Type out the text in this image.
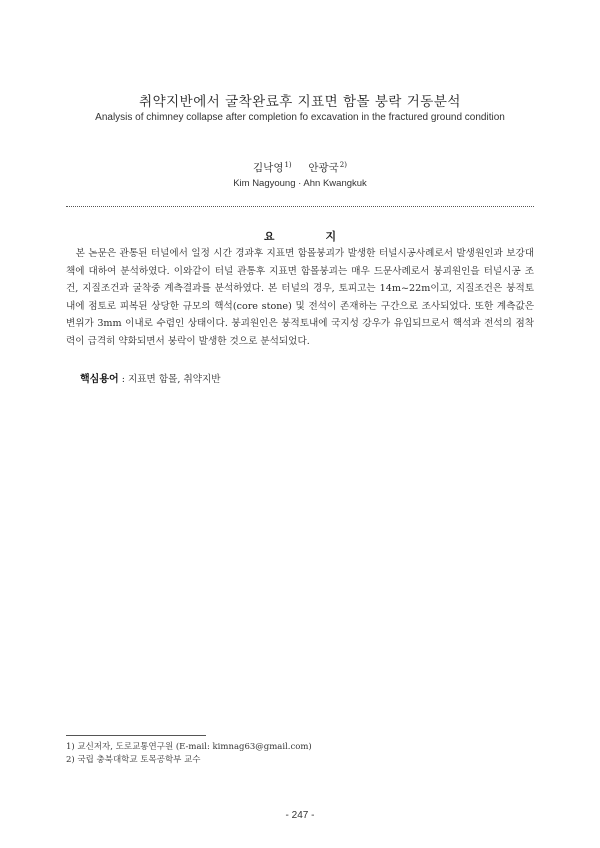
취약지반에서 굴착완료후 지표면 함몰 붕락 거동분석
Analysis of chimney collapse after completion fo excavation in the fractured ground condition
김낙영$^{1)}$ 안광국$^{2)}$
Kim Nagyoung · Ahn Kwangkuk
요 지
본 논문은 관통된 터널에서 일정 시간 경과후 지표면 함몰붕괴가 발생한 터널시공사례로서 발생원인과 보강대책에 대하여 분석하였다. 이와같이 터널 관통후 지표면 함몰붕괴는 매우 드문사례로서 붕괴원인을 터널시공 조건, 지질조건과 굴착중 계측결과를 분석하였다. 본 터널의 경우, 토피고는 14m~22m이고, 지질조건은 붕적토 내에 점토로 피복된 상당한 규모의 핵석(core stone) 및 전석이 존재하는 구간으로 조사되었다. 또한 계측값은 변위가 3mm 이내로 수렴인 상태이다. 붕괴원인은 붕적토내에 국지성 강우가 유입되므로서 핵석과 전석의 점착력이 급격히 약화되면서 붕락이 발생한 것으로 분석되었다.
핵심용어 : 지표면 함몰, 취약지반
1) 교신저자, 도로교통연구원 (E-mail: kimnag63@gmail.com)
2) 국립 충북대학교 토목공학부 교수
- 247 -
